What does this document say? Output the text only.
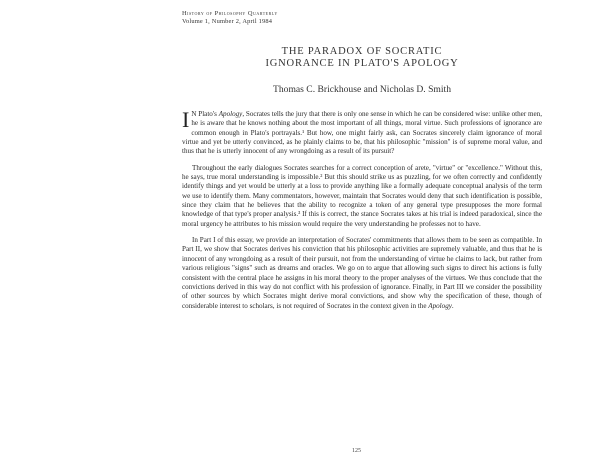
History of Philosophy Quarterly
Volume 1, Number 2, April 1984
THE PARADOX OF SOCRATIC
IGNORANCE IN PLATO'S APOLOGY
Thomas C. Brickhouse and Nicholas D. Smith

I N Plato's Apology, Socrates tells the jury that there is only one sense in which he can be considered wise: unlike other men, he is aware that he knows nothing about the most important of all things, moral virtue. Such professions of ignorance are common enough in Plato's portrayals.¹ But how, one might fairly ask, can Socrates sincerely claim ignorance of moral virtue and yet be utterly convinced, as he plainly claims to be, that his philosophic "mission" is of supreme moral value, and thus that he is utterly innocent of any wrongdoing as a result of its pursuit?

Throughout the early dialogues Socrates searches for a correct conception of arete, "virtue" or "excellence." Without this, he says, true moral understanding is impossible.² But this should strike us as puzzling, for we often correctly and confidently identify things and yet would be utterly at a loss to provide anything like a formally adequate conceptual analysis of the term we use to identify them. Many commentators, however, maintain that Socrates would deny that such identification is possible, since they claim that he believes that the ability to recognize a token of any general type presupposes the more formal knowledge of that type's proper analysis.³ If this is correct, the stance Socrates takes at his trial is indeed paradoxical, since the moral urgency he attributes to his mission would require the very understanding he professes not to have.

In Part I of this essay, we provide an interpretation of Socrates' commitments that allows them to be seen as compatible. In Part II, we show that Socrates derives his conviction that his philosophic activities are supremely valuable, and thus that he is innocent of any wrongdoing as a result of their pursuit, not from the understanding of virtue he claims to lack, but rather from various religious "signs" such as dreams and oracles. We go on to argue that allowing such signs to direct his actions is fully consistent with the central place he assigns in his moral theory to the proper analyses of the virtues. We thus conclude that the convictions derived in this way do not conflict with his profession of ignorance. Finally, in Part III we consider the possibility of other sources by which Socrates might derive moral convictions, and show why the specification of these, though of considerable interest to scholars, is not required of Socrates in the context given in the Apology.

125
